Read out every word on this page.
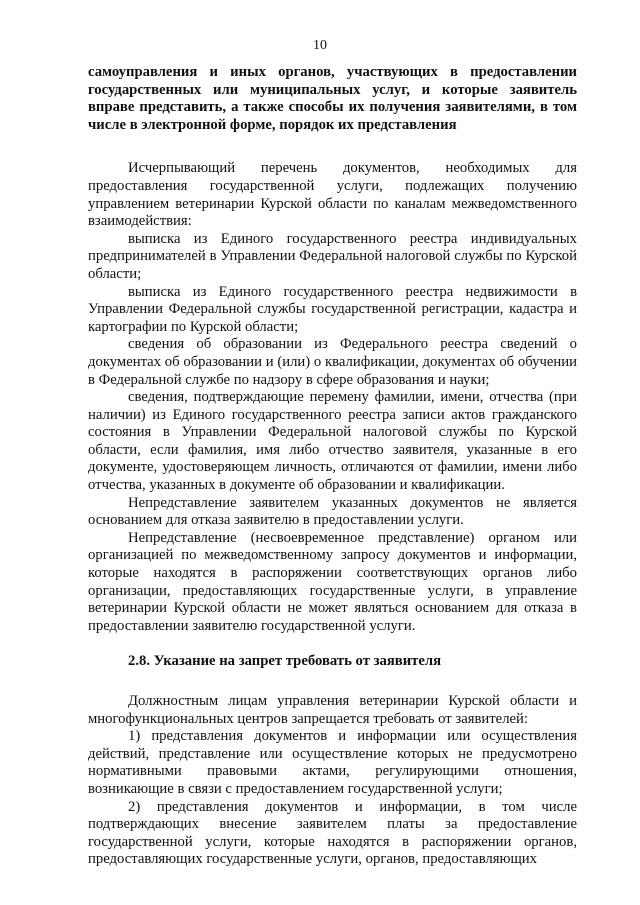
10

самоуправления и иных органов, участвующих в предоставлении государственных или муниципальных услуг, и которые заявитель вправе представить, а также способы их получения заявителями, в том числе в электронной форме, порядок их представления

Исчерпывающий перечень документов, необходимых для предоставления государственной услуги, подлежащих получению управлением ветеринарии Курской области по каналам межведомственного взаимодействия:

выписка из Единого государственного реестра индивидуальных предпринимателей в Управлении Федеральной налоговой службы по Курской области;

выписка из Единого государственного реестра недвижимости в Управлении Федеральной службы государственной регистрации, кадастра и картографии по Курской области;

сведения об образовании из Федерального реестра сведений о документах об образовании и (или) о квалификации, документах об обучении в Федеральной службе по надзору в сфере образования и науки;

сведения, подтверждающие перемену фамилии, имени, отчества (при наличии) из Единого государственного реестра записи актов гражданского состояния в Управлении Федеральной налоговой службы по Курской области, если фамилия, имя либо отчество заявителя, указанные в его документе, удостоверяющем личность, отличаются от фамилии, имени либо отчества, указанных в документе об образовании и квалификации.

Непредставление заявителем указанных документов не является основанием для отказа заявителю в предоставлении услуги.

Непредставление (несвоевременное представление) органом или организацией по межведомственному запросу документов и информации, которые находятся в распоряжении соответствующих органов либо организации, предоставляющих государственные услуги, в управление ветеринарии Курской области не может являться основанием для отказа в предоставлении заявителю государственной услуги.

2.8. Указание на запрет требовать от заявителя

Должностным лицам управления ветеринарии Курской области и многофункциональных центров запрещается требовать от заявителей:

1) представления документов и информации или осуществления действий, представление или осуществление которых не предусмотрено нормативными правовыми актами, регулирующими отношения, возникающие в связи с предоставлением государственной услуги;

2) представления документов и информации, в том числе подтверждающих внесение заявителем платы за предоставление государственной услуги, которые находятся в распоряжении органов, предоставляющих государственные услуги, органов, предоставляющих
